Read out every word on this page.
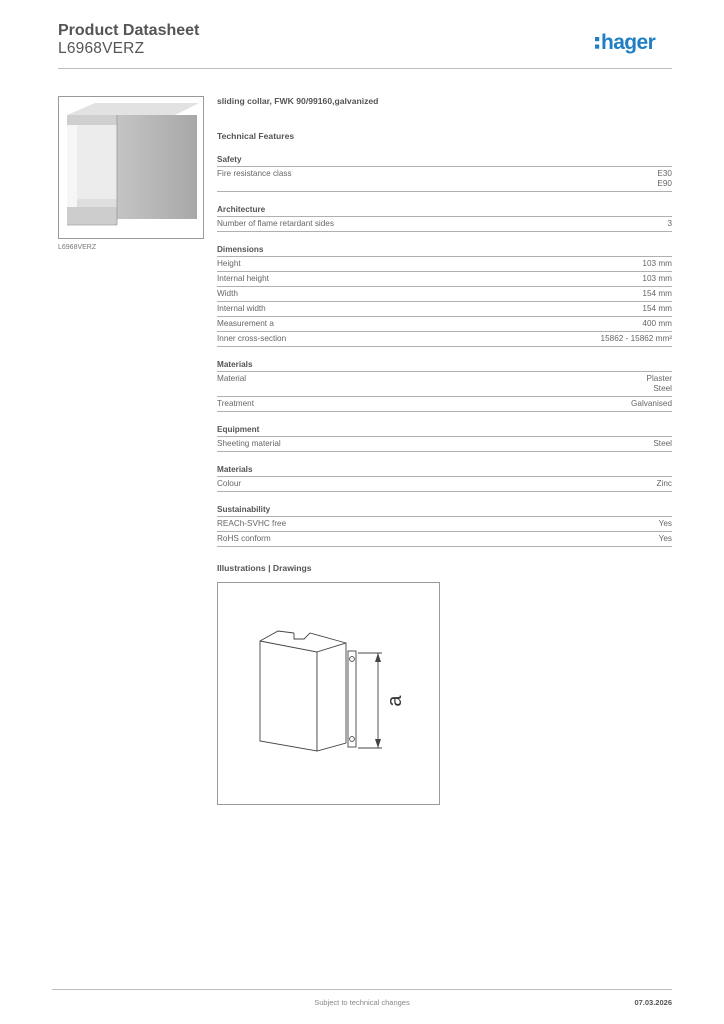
Product Datasheet
L6968VERZ	hager
L6968VERZ
sliding collar, FWK 90/99160,galvanized
Technical Features
Safety
Fire resistance class	E30
E90
Architecture
Number of flame retardant sides	3
Dimensions
Height	103 mm
Internal height	103 mm
Width	154 mm
Internal width	154 mm
Measurement a	400 mm
Inner cross-section	15862 - 15862 mm²
Materials
Material	Plaster
Steel
Treatment	Galvanised
Equipment
Sheeting material	Steel
Materials
Colour	Zinc
Sustainability
REACh-SVHC free	Yes
RoHS conform	Yes
Illustrations | Drawings
a
Subject to technical changes	07.03.2026
